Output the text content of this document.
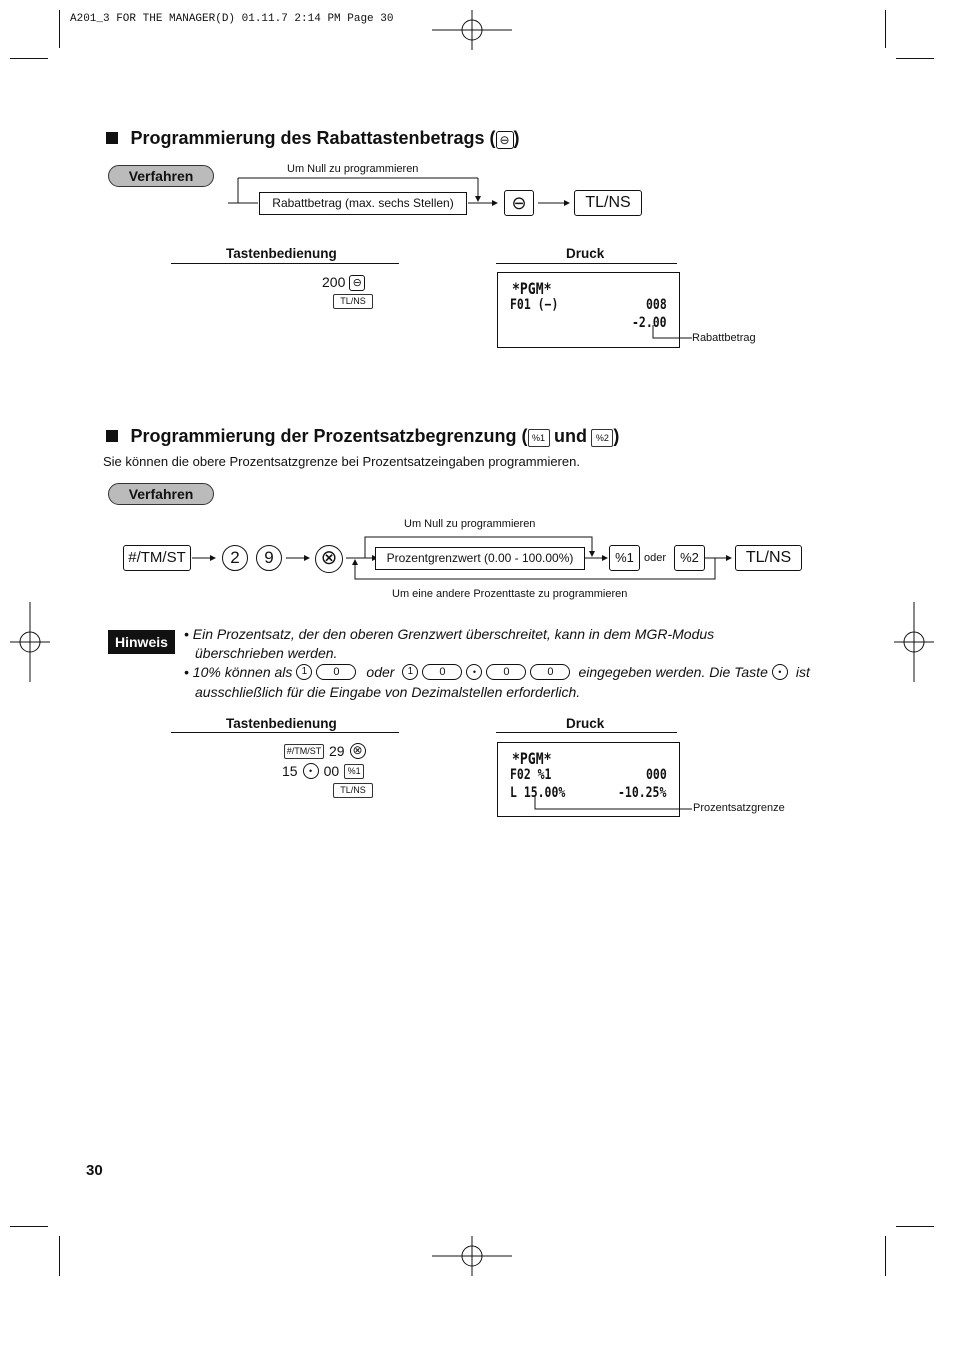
A201_3 FOR THE MANAGER(D) 01.11.7 2:14 PM Page 30
Programmierung des Rabattastenbetrags ( ⊖ )
Verfahren	Um Null zu programmieren
Rabattbetrag (max. sechs Stellen)	⊖	TL/NS
Tastenbedienung	Druck
200 ⊖
TL/NS
*PGM*
F01 (−)	008
-2.00
Rabattbetrag
Programmierung der Prozentsatzbegrenzung ( %1 und %2 )
Sie können die obere Prozentsatzgrenze bei Prozentsatzeingaben programmieren.
Verfahren
#/TM/ST	2	9	⊗
Um Null zu programmieren
Prozentgrenzwert (0.00 - 100.00%)	%1 oder	%2	TL/NS
Um eine andere Prozenttaste zu programmieren
Hinweis	• Ein Prozentsatz, der den oberen Grenzwert überschreitet, kann in dem MGR-Modus
überschrieben werden.
• 10% können als 1	0	oder	1	0	•	0	0	eingegeben werden. Die Taste	•	ist
ausschließlich für die Eingabe von Dezimalstellen erforderlich.
Tastenbedienung	Druck
#/TM/ST 29 ⊗
15	• 00 %1
TL/NS
*PGM*
F02 %1	000
L 15.00%	-10.25%
Prozentsatzgrenze
30
